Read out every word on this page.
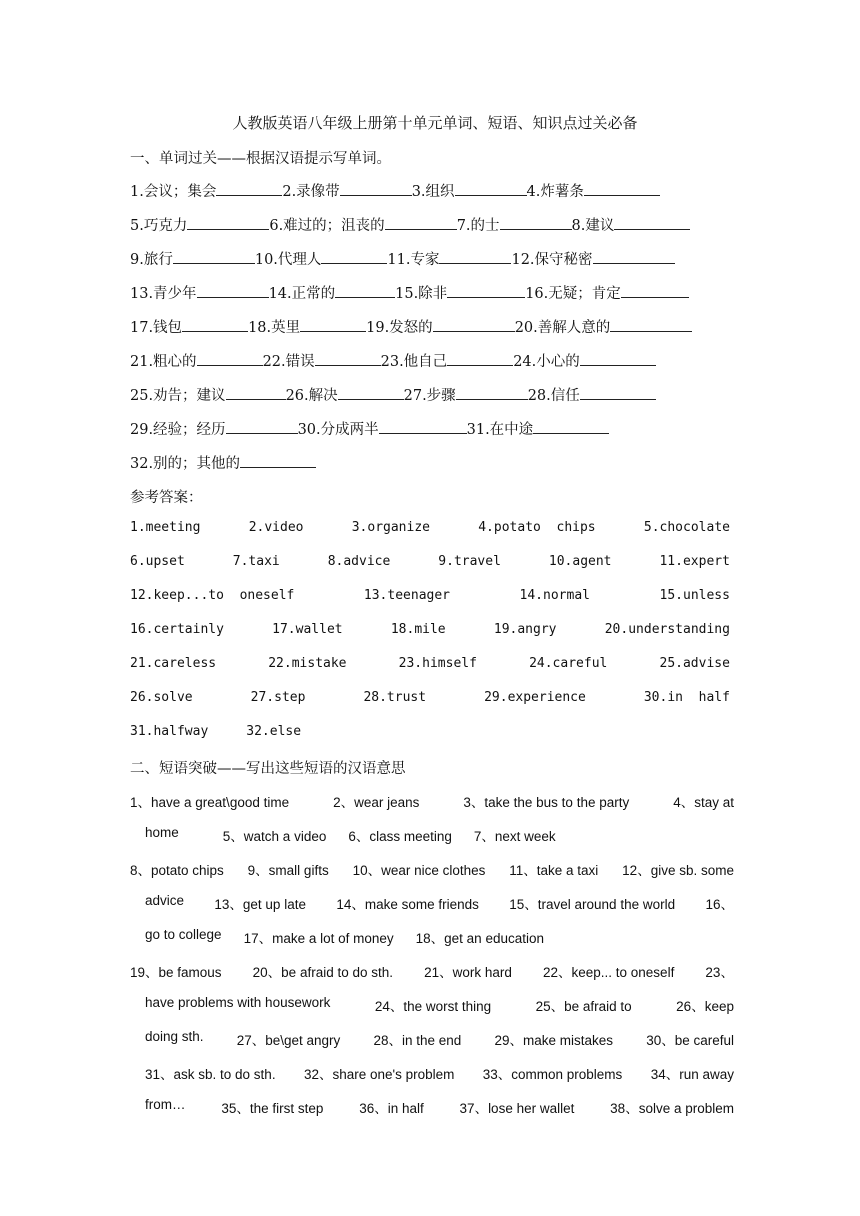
人教版英语八年级上册第十单元单词、短语、知识点过关必备
一、单词过关——根据汉语提示写单词。
1.会议；集会	2.录像带	3.组织	4.炸薯条
5.巧克力	6.难过的；沮丧的	7.的士	8.建议
9.旅行	10.代理人	11.专家	12.保守秘密
13.青少年	14.正常的	15.除非	16.无疑；肯定
17.钱包	18.英里	19.发怒的	20.善解人意的
21.粗心的	22.错误	23.他自己	24.小心的
25.劝告；建议	26.解决	27.步骤	28.信任
29.经验；经历	30.分成两半	31.在中途
32.别的；其他的
参考答案：
1.meeting	2.video	3.organize	4.potato  chips	5.chocolate
6.upset	7.taxi	8.advice	9.travel	10.agent	11.expert
12.keep...to  oneself	13.teenager	14.normal	15.unless
16.certainly	17.wallet	18.mile	19.angry	20.understanding
21.careless	22.mistake	23.himself	24.careful	25.advise
26.solve	27.step	28.trust	29.experience	30.in  half
31.halfway	32.else
二、短语突破——写出这些短语的汉语意思
1、have a great\good time	2、wear jeans	3、take the bus to the party	4、stay at
home	5、watch a video 6、class meeting 7、next week
8、potato chips 9、small gifts 10、wear nice clothes 11、take a taxi 12、give sb. some
advice 13、get up late 14、make some friends 15、travel around the world 16、
go to college 17、make a lot of money 18、get an education
19、be famous 20、be afraid to do sth. 21、work hard 22、keep... to oneself 23、
have problems with housework	24、the worst thing	25、be afraid to	26、keep
doing sth. 27、be\get angry 28、in the end 29、make mistakes 30、be careful
31、ask sb. to do sth. 32、share one's problem 33、common problems 34、run away
from…	35、the first step	36、in half	37、lose her wallet	38、solve a problem
